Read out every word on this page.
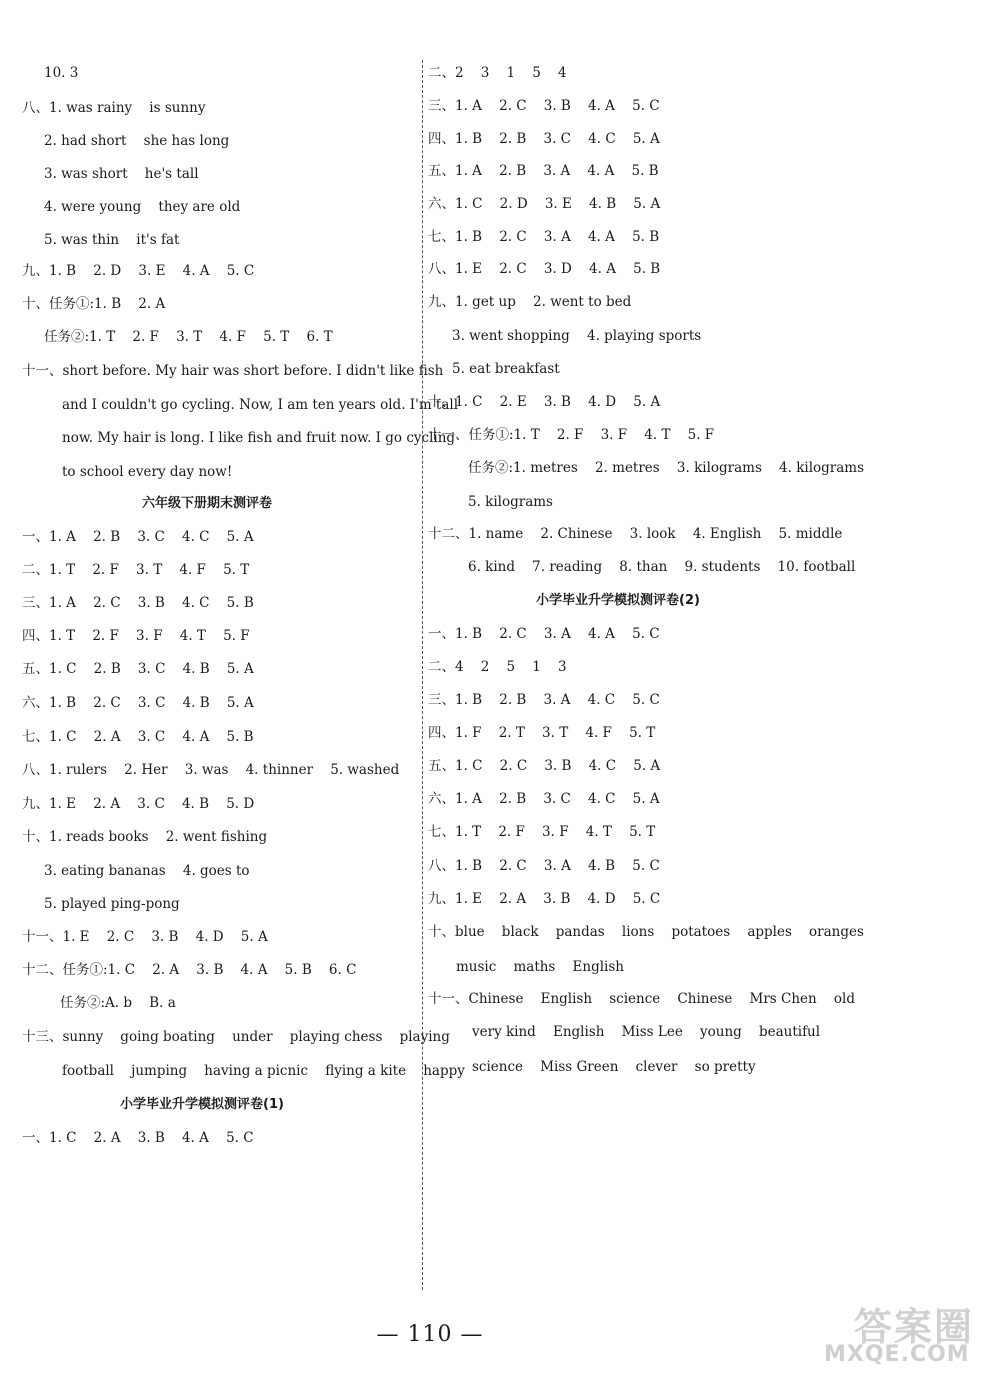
10. 3
八、1. was rainy    is sunny
2. had short    she has long
3. was short    he's tall
4. were young    they are old
5. was thin    it's fat
九、1. B    2. D    3. E    4. A    5. C
十、任务①:1. B    2. A
任务②:1. T    2. F    3. T    4. F    5. T    6. T
十一、short before. My hair was short before. I didn't like fish
and I couldn't go cycling. Now, I am ten years old. I'm tall
now. My hair is long. I like fish and fruit now. I go cycling
to school every day now!
六年级下册期末测评卷
一、1. A    2. B    3. C    4. C    5. A
二、1. T    2. F    3. T    4. F    5. T
三、1. A    2. C    3. B    4. C    5. B
四、1. T    2. F    3. F    4. T    5. F
五、1. C    2. B    3. C    4. B    5. A
六、1. B    2. C    3. C    4. B    5. A
七、1. C    2. A    3. C    4. A    5. B
八、1. rulers    2. Her    3. was    4. thinner    5. washed
九、1. E    2. A    3. C    4. B    5. D
十、1. reads books    2. went fishing
3. eating bananas    4. goes to
5. played ping-pong
十一、1. E    2. C    3. B    4. D    5. A
十二、任务①:1. C    2. A    3. B    4. A    5. B    6. C
任务②:A. b    B. a
十三、sunny    going boating    under    playing chess    playing
football    jumping    having a picnic    flying a kite    happy
小学毕业升学模拟测评卷(1)
一、1. C    2. A    3. B    4. A    5. C
二、2    3    1    5    4
三、1. A    2. C    3. B    4. A    5. C
四、1. B    2. B    3. C    4. C    5. A
五、1. A    2. B    3. A    4. A    5. B
六、1. C    2. D    3. E    4. B    5. A
七、1. B    2. C    3. A    4. A    5. B
八、1. E    2. C    3. D    4. A    5. B
九、1. get up    2. went to bed
3. went shopping    4. playing sports
5. eat breakfast
十、1. C    2. E    3. B    4. D    5. A
十一、任务①:1. T    2. F    3. F    4. T    5. F
任务②:1. metres    2. metres    3. kilograms    4. kilograms
5. kilograms
十二、1. name    2. Chinese    3. look    4. English    5. middle
6. kind    7. reading    8. than    9. students    10. football
小学毕业升学模拟测评卷(2)
一、1. B    2. C    3. A    4. A    5. C
二、4    2    5    1    3
三、1. B    2. B    3. A    4. C    5. C
四、1. F    2. T    3. T    4. F    5. T
五、1. C    2. C    3. B    4. C    5. A
六、1. A    2. B    3. C    4. C    5. A
七、1. T    2. F    3. F    4. T    5. T
八、1. B    2. C    3. A    4. B    5. C
九、1. E    2. A    3. B    4. D    5. C
十、blue    black    pandas    lions    potatoes    apples    oranges
music    maths    English
十一、Chinese    English    science    Chinese    Mrs Chen    old
very kind    English    Miss Lee    young    beautiful
science    Miss Green    clever    so pretty
— 110 —	答案圈
MXQE.COM
